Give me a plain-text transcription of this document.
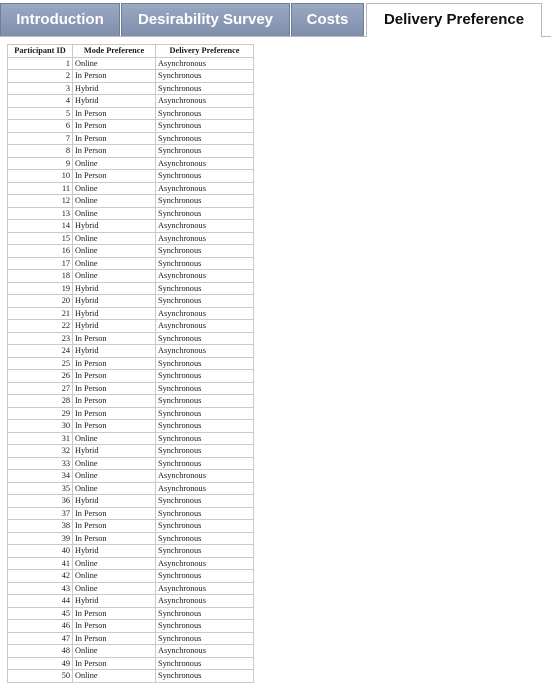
Introduction	Desirability Survey	Costs	Delivery Preference
Participant ID	Mode Preference	Delivery Preference
1	Online	Asynchronous
2	In Person	Synchronous
3	Hybrid	Synchronous
4	Hybrid	Asynchronous
5	In Person	Synchronous
6	In Person	Synchronous
7	In Person	Synchronous
8	In Person	Synchronous
9	Online	Asynchronous
10	In Person	Synchronous
11	Online	Asynchronous
12	Online	Synchronous
13	Online	Synchronous
14	Hybrid	Asynchronous
15	Online	Asynchronous
16	Online	Synchronous
17	Online	Synchronous
18	Online	Asynchronous
19	Hybrid	Synchronous
20	Hybrid	Synchronous
21	Hybrid	Asynchronous
22	Hybrid	Asynchronous
23	In Person	Synchronous
24	Hybrid	Asynchronous
25	In Person	Synchronous
26	In Person	Synchronous
27	In Person	Synchronous
28	In Person	Synchronous
29	In Person	Synchronous
30	In Person	Synchronous
31	Online	Synchronous
32	Hybrid	Synchronous
33	Online	Synchronous
34	Online	Asynchronous
35	Online	Asynchronous
36	Hybrid	Synchronous
37	In Person	Synchronous
38	In Person	Synchronous
39	In Person	Synchronous
40	Hybrid	Synchronous
41	Online	Asynchronous
42	Online	Synchronous
43	Online	Asynchronous
44	Hybrid	Asynchronous
45	In Person	Synchronous
46	In Person	Synchronous
47	In Person	Synchronous
48	Online	Asynchronous
49	In Person	Synchronous
50	Online	Synchronous
